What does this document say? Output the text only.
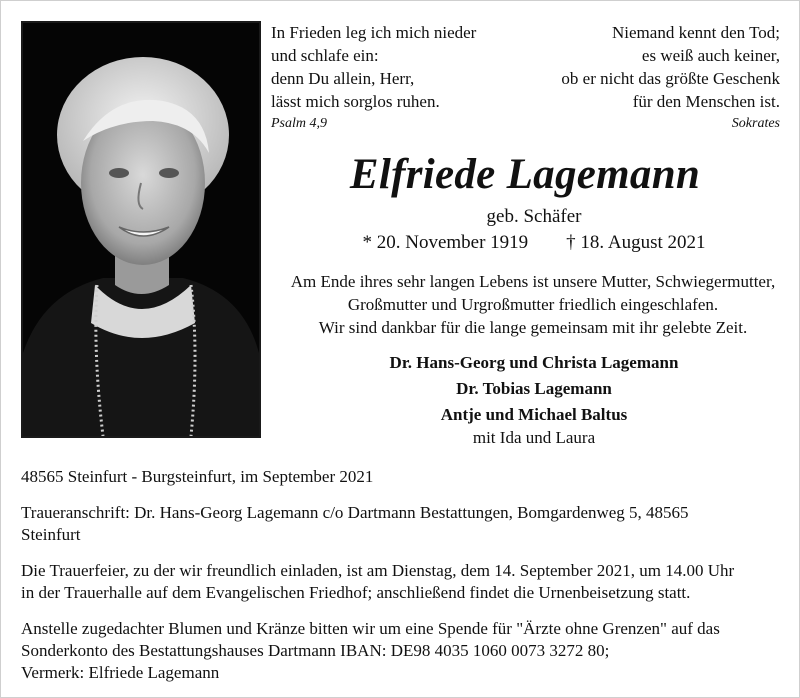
In Frieden leg ich mich nieder
und schlafe ein:
denn Du allein, Herr,
lässt mich sorglos ruhen.
Psalm 4,9
Niemand kennt den Tod;
es weiß auch keiner,
ob er nicht das größte Geschenk
für den Menschen ist.
Sokrates
Elfriede Lagemann
geb. Schäfer
* 20. November 1919 † 18. August 2021
Am Ende ihres sehr langen Lebens ist unsere Mutter, Schwiegermutter,
Großmutter und Urgroßmutter friedlich eingeschlafen.
Wir sind dankbar für die lange gemeinsam mit ihr gelebte Zeit.
Dr. Hans-Georg und Christa Lagemann
Dr. Tobias Lagemann
Antje und Michael Baltus
mit Ida und Laura

48565 Steinfurt - Burgsteinfurt, im September 2021

Traueranschrift: Dr. Hans-Georg Lagemann c/o Dartmann Bestattungen, Bomgardenweg 5, 48565
Steinfurt

Die Trauerfeier, zu der wir freundlich einladen, ist am Dienstag, dem 14. September 2021, um 14.00 Uhr
in der Trauerhalle auf dem Evangelischen Friedhof; anschließend findet die Urnenbeisetzung statt.

Anstelle zugedachter Blumen und Kränze bitten wir um eine Spende für "Ärzte ohne Grenzen" auf das
Sonderkonto des Bestattungshauses Dartmann IBAN: DE98 4035 1060 0073 3272 80;
Vermerk: Elfriede Lagemann
